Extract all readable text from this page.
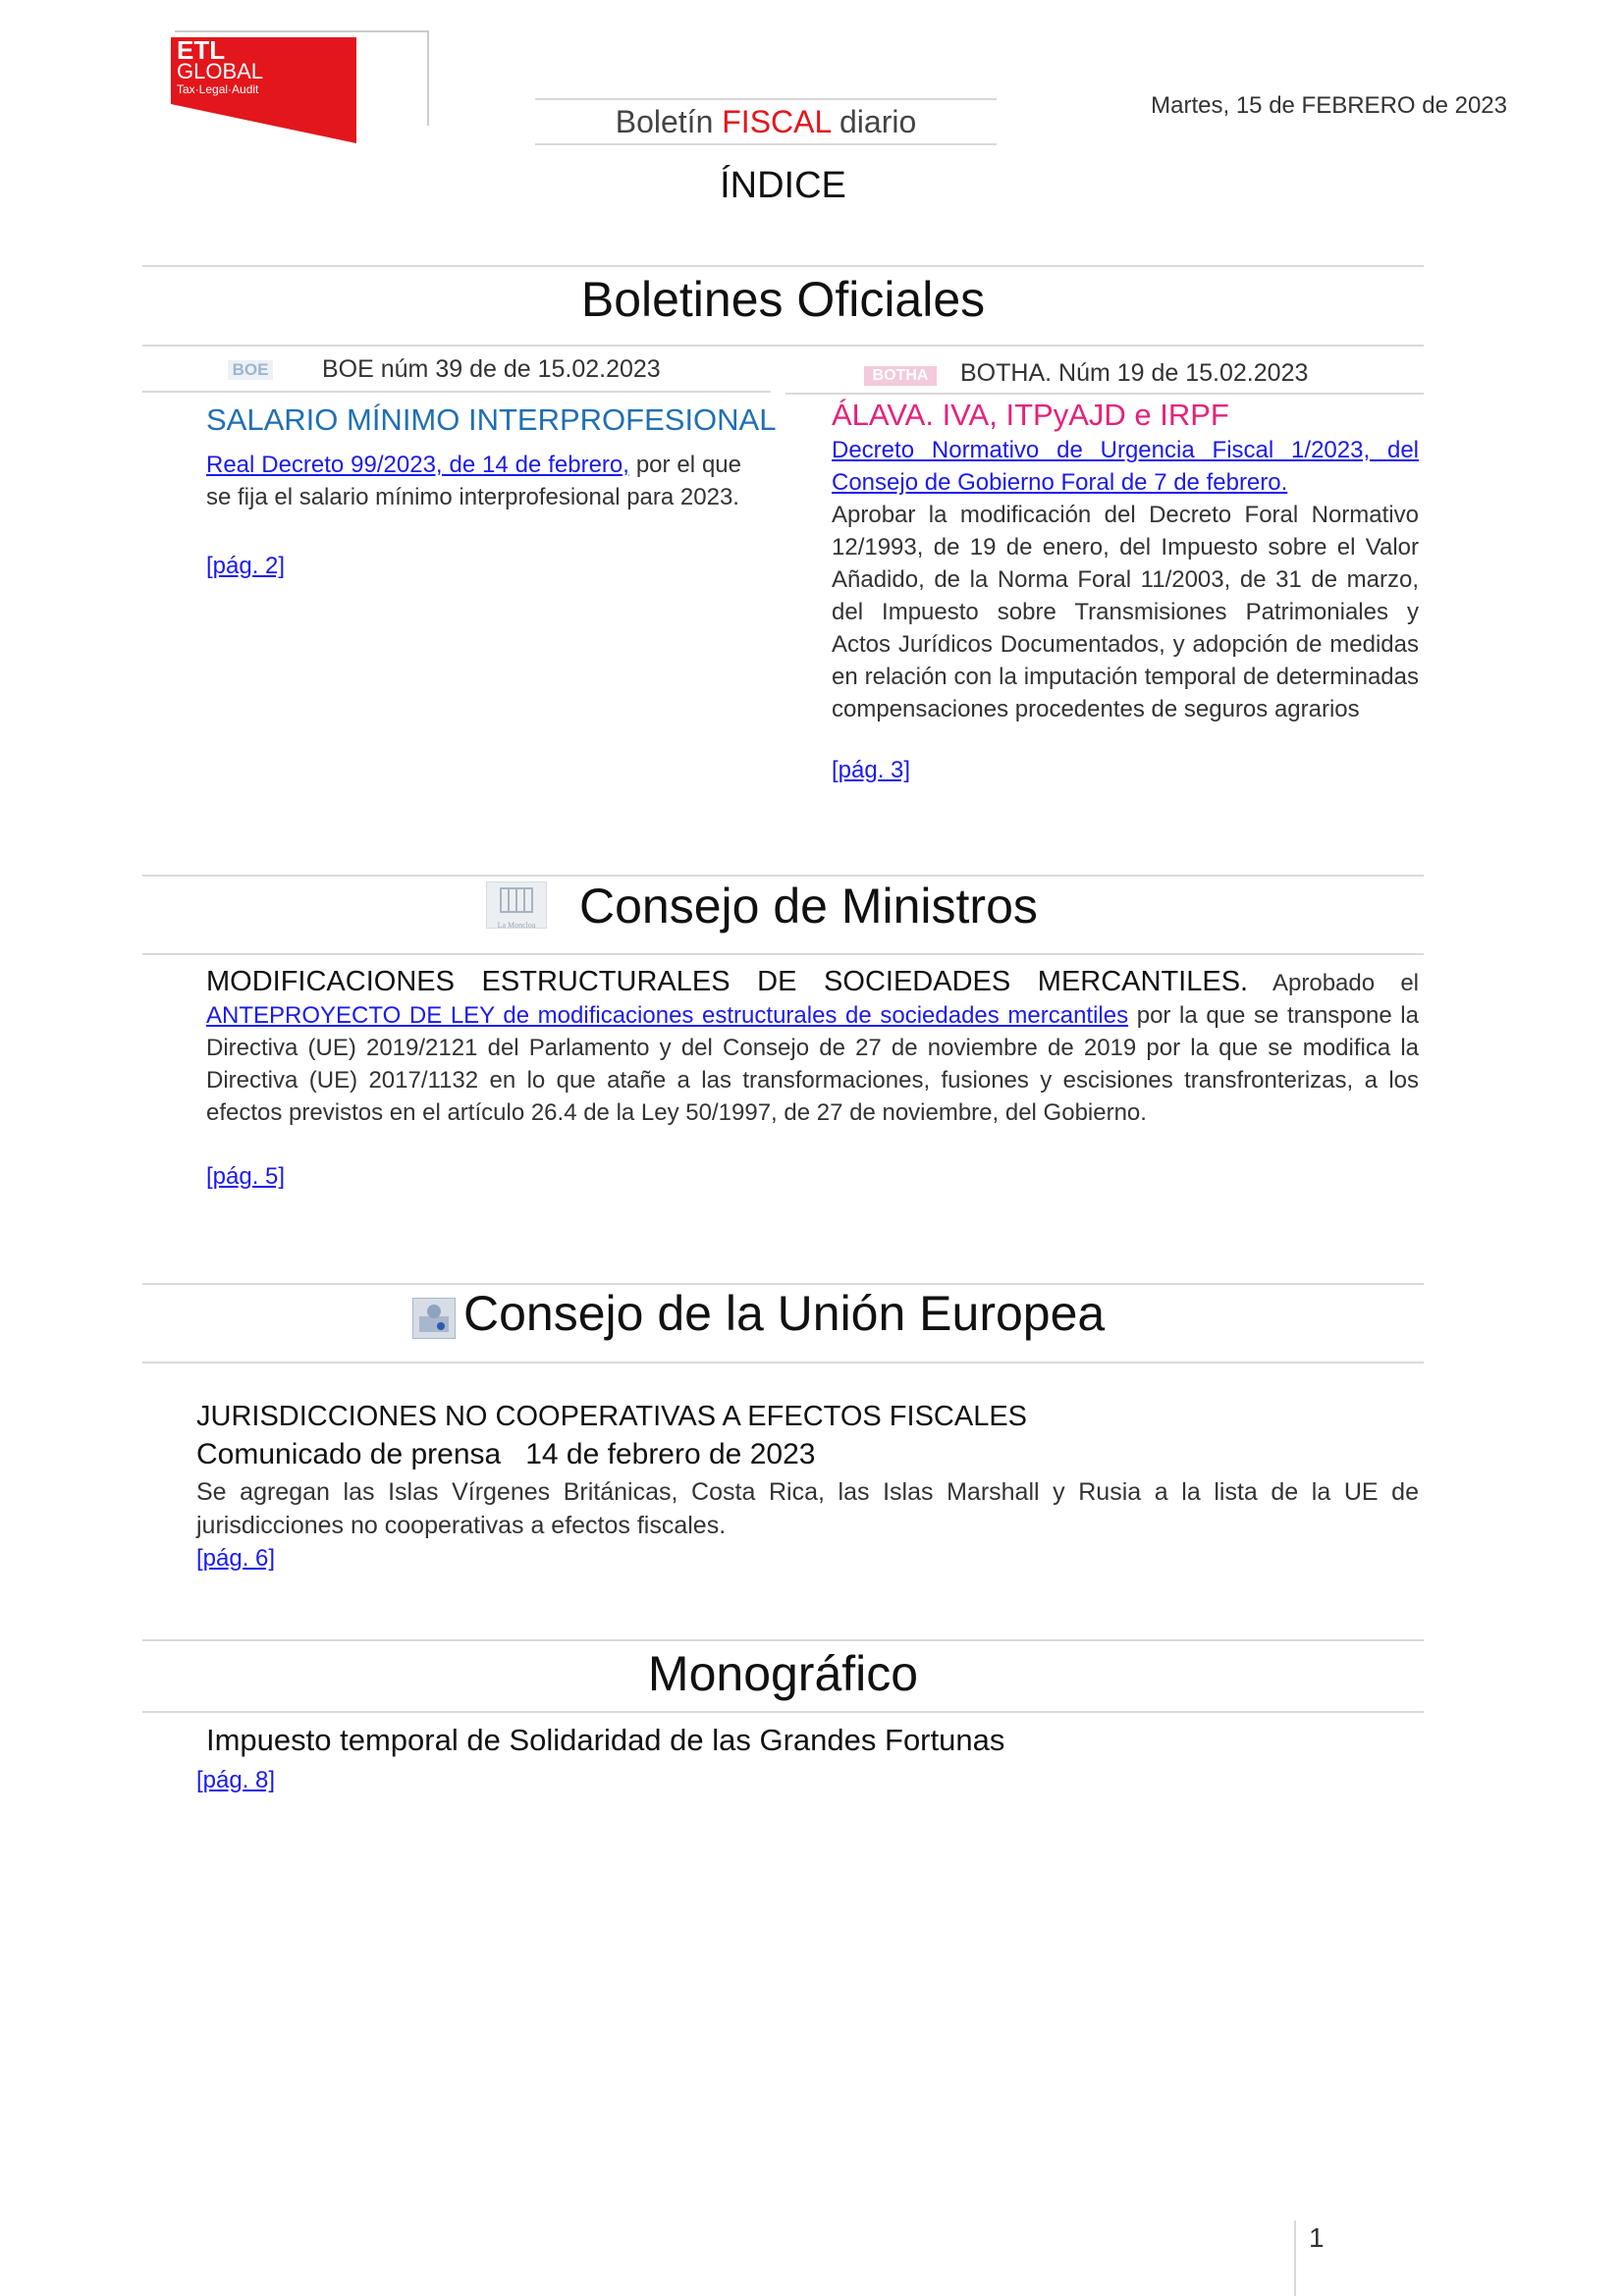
ETL
GLOBAL
Tax·Legal·Audit
Boletín FISCAL diario	Martes, 15 de FEBRERO de 2023
ÍNDICE
Boletines Oficiales
BOE BOE núm 39 de de 15.02.2023
SALARIO MÍNIMO INTERPROFESIONAL
Real Decreto 99/2023, de 14 de febrero, por el que se fija el salario mínimo interprofesional para 2023.
[pág. 2]
BOTHA	BOTHA. Núm 19 de 15.02.2023
ÁLAVA. IVA, ITPyAJD e IRPF
Decreto Normativo de Urgencia Fiscal 1/2023, del Consejo de Gobierno Foral de 7 de febrero.
Aprobar la modificación del Decreto Foral Normativo 12/1993, de 19 de enero, del Impuesto sobre el Valor Añadido, de la Norma Foral 11/2003, de 31 de marzo, del Impuesto sobre Transmisiones Patrimoniales y Actos Jurídicos Documentados, y adopción de medidas en relación con la imputación temporal de determinadas compensaciones procedentes de seguros agrarios
[pág. 3]
La Moncloa Consejo de Ministros
MODIFICACIONES ESTRUCTURALES DE SOCIEDADES MERCANTILES. Aprobado el ANTEPROYECTO DE LEY de modificaciones estructurales de sociedades mercantiles por la que se transpone la Directiva (UE) 2019/2121 del Parlamento y del Consejo de 27 de noviembre de 2019 por la que se modifica la Directiva (UE) 2017/1132 en lo que atañe a las transformaciones, fusiones y escisiones transfronterizas, a los efectos previstos en el artículo 26.4 de la Ley 50/1997, de 27 de noviembre, del Gobierno.
[pág. 5]
Consejo de la Unión Europea
JURISDICCIONES NO COOPERATIVAS A EFECTOS FISCALES
Comunicado de prensa   14 de febrero de 2023
Se agregan las Islas Vírgenes Británicas, Costa Rica, las Islas Marshall y Rusia a la lista de la UE de jurisdicciones no cooperativas a efectos fiscales.
[pág. 6]
Monográfico
Impuesto temporal de Solidaridad de las Grandes Fortunas
[pág. 8]
1
